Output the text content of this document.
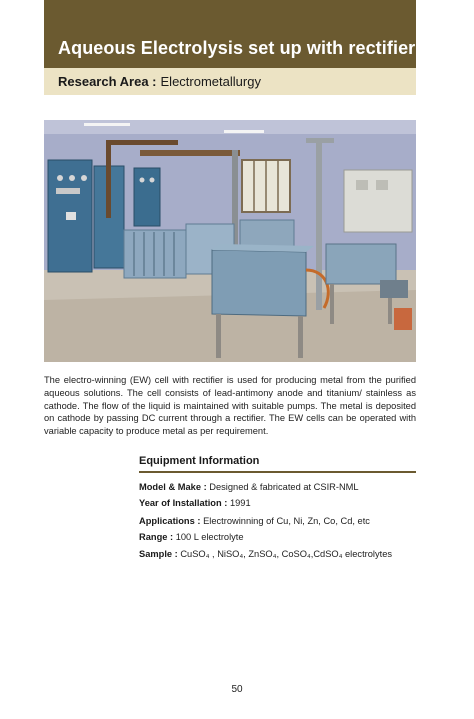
Aqueous Electrolysis set up with rectifier
Research Area : Electrometallurgy
The electro-winning (EW) cell with rectifier is used for producing metal from the purified aqueous solutions. The cell consists of lead-antimony anode and titanium/ stainless as cathode. The flow of the liquid is maintained with suitable pumps. The metal is deposited on cathode by passing DC current through a rectifier. The EW cells can be operated with variable capacity to produce metal as per requirement.
Equipment Information
Model & Make : Designed & fabricated at CSIR-NML
Year of Installation : 1991
Applications : Electrowinning of Cu, Ni, Zn, Co, Cd, etc
Range : 100 L electrolyte
Sample : CuSO₄ , NiSO₄, ZnSO₄, CoSO₄,CdSO₄ electrolytes
50
